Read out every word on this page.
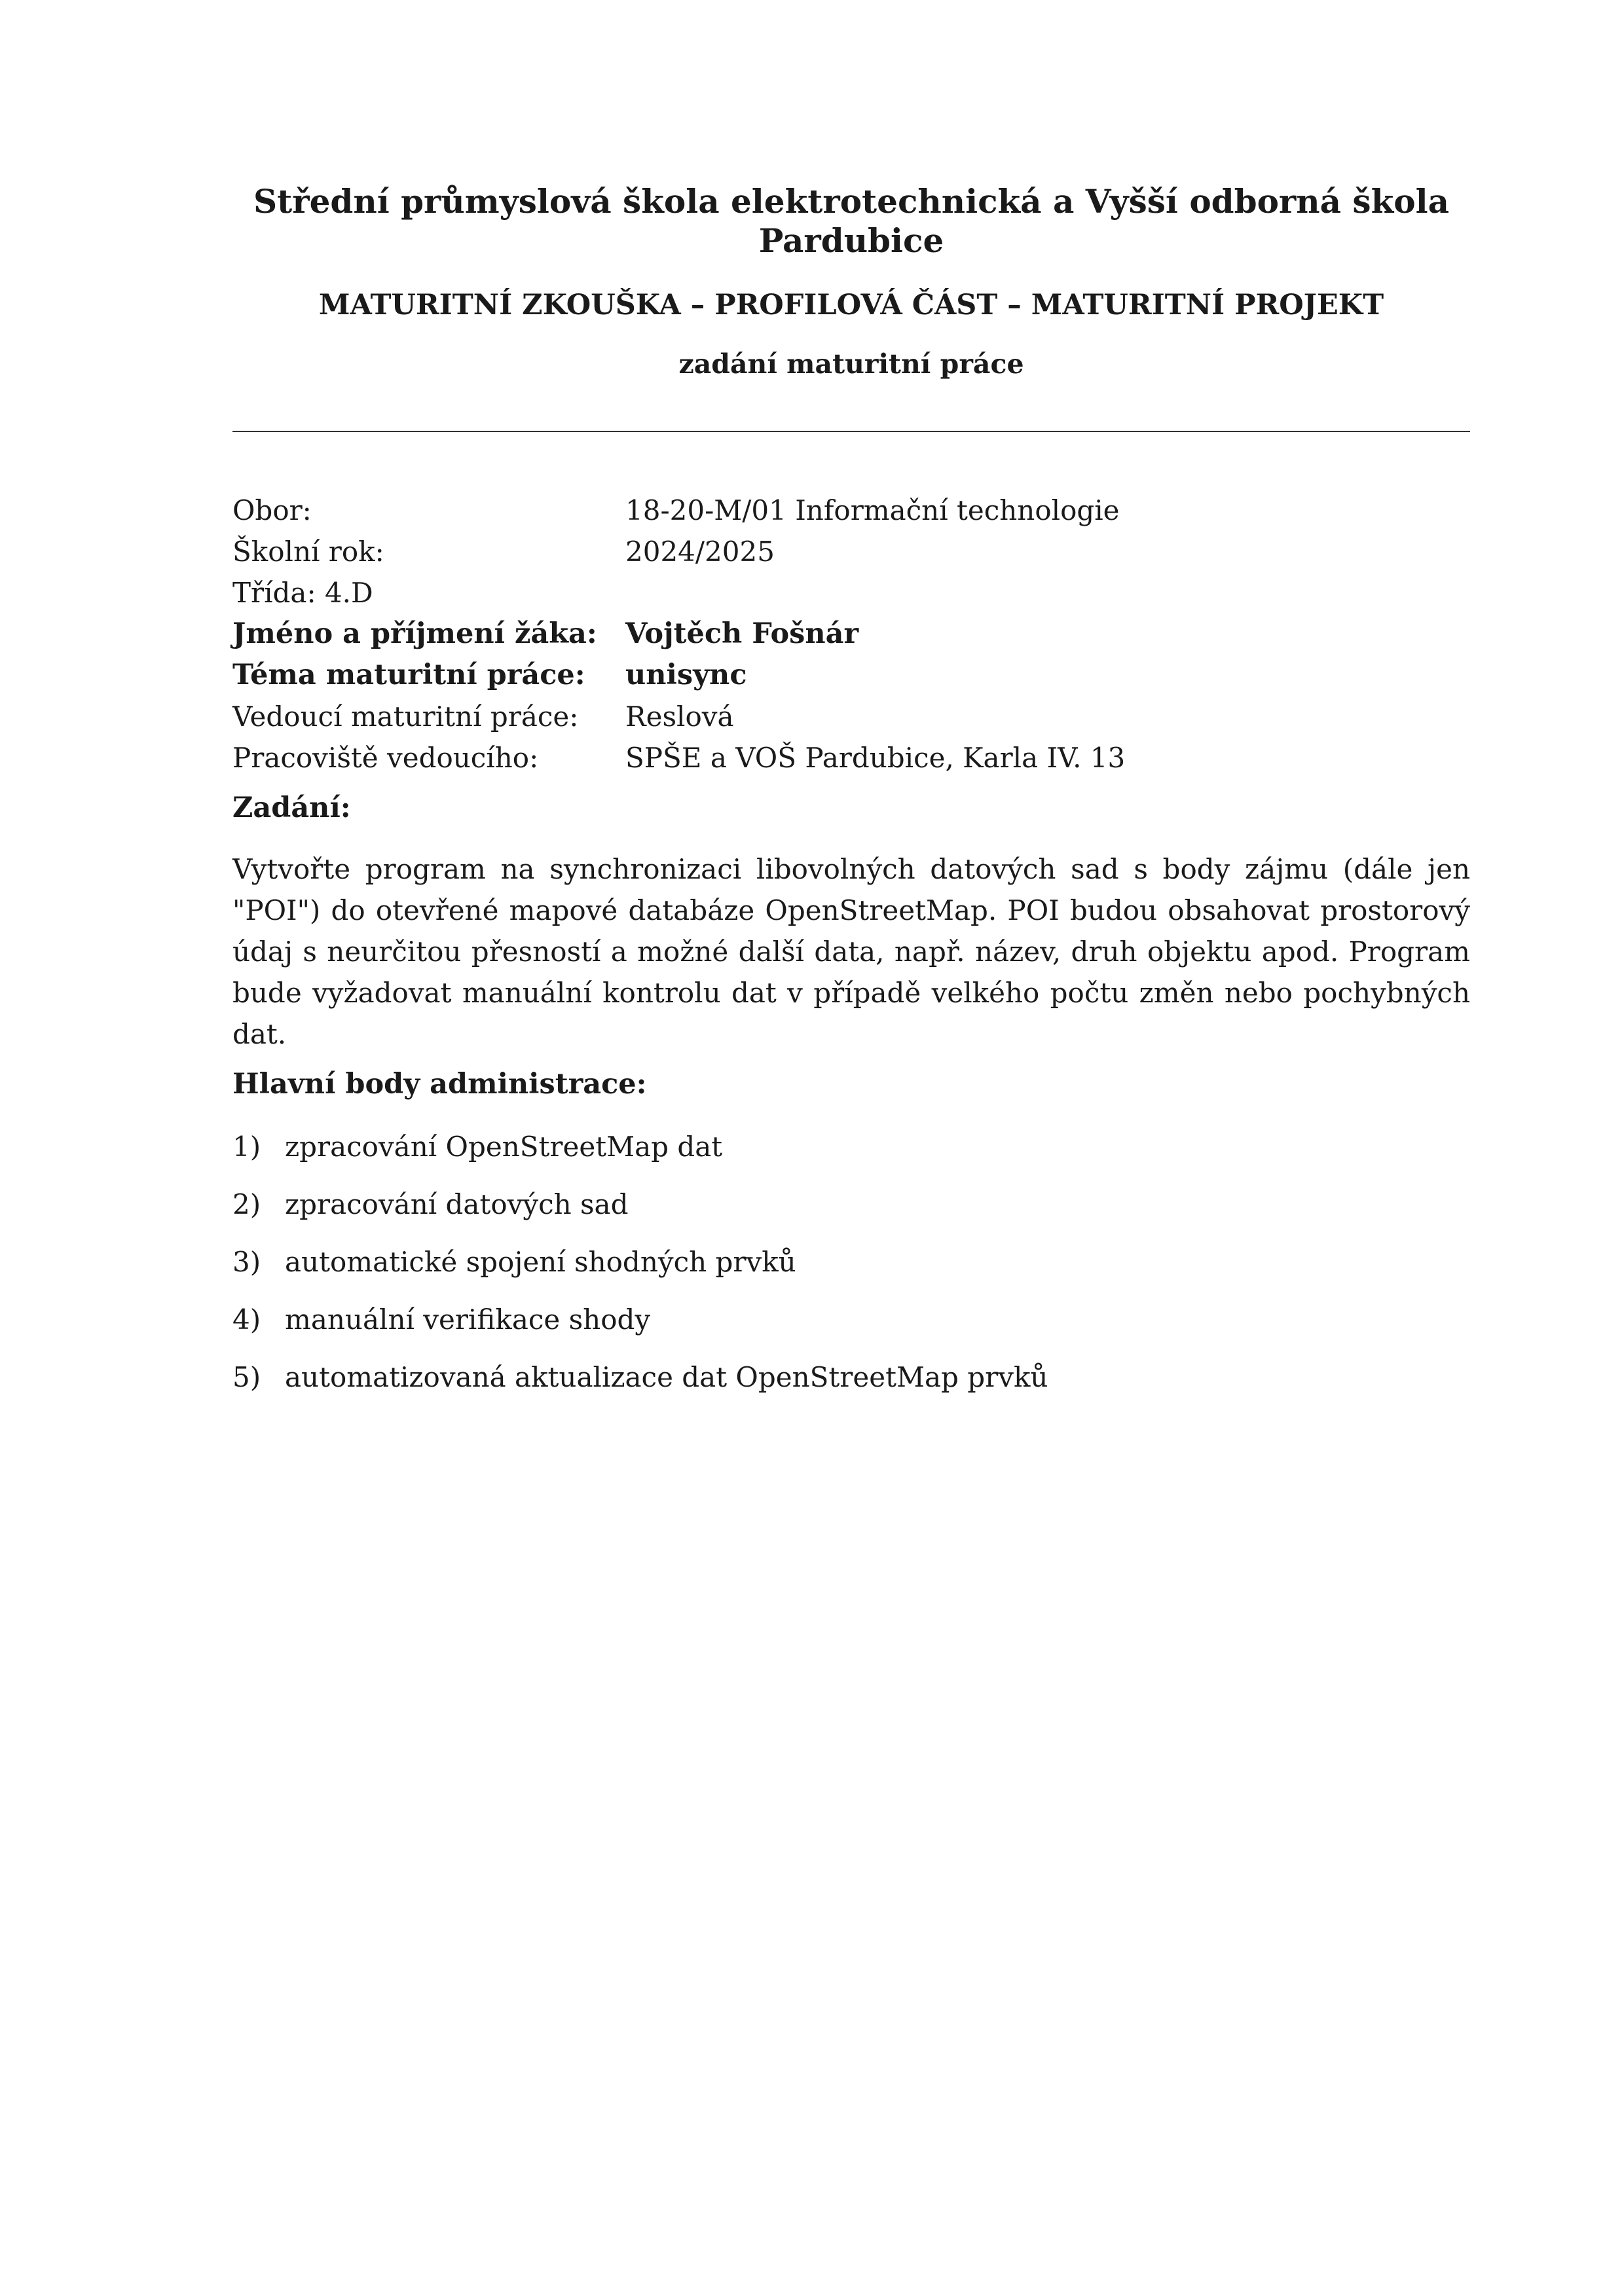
Střední průmyslová škola elektrotechnická a Vyšší odborná škola Pardubice
MATURITNÍ ZKOUŠKA – PROFILOVÁ ČÁST – MATURITNÍ PROJEKT
zadání maturitní práce
Obor:	18-20-M/01 Informační technologie
Školní rok:	2024/2025
Třída: 4.D
Jméno a příjmení žáka:	Vojtěch Fošnár
Téma maturitní práce:	unisync
Vedoucí maturitní práce:	Reslová
Pracoviště vedoucího:	SPŠE a VOŠ Pardubice, Karla IV. 13
Zadání:

Vytvořte program na synchronizaci libovolných datových sad s body zájmu (dále jen "POI") do otevřené mapové databáze OpenStreetMap. POI budou obsahovat prostorový údaj s neurčitou přesností a možné další data, např. název, druh objektu apod. Program bude vyžadovat manuální kontrolu dat v případě velkého počtu změn nebo pochybných dat.

Hlavní body administrace:
1) zpracování OpenStreetMap dat
2) zpracování datových sad
3) automatické spojení shodných prvků
4) manuální verifikace shody
5) automatizovaná aktualizace dat OpenStreetMap prvků
